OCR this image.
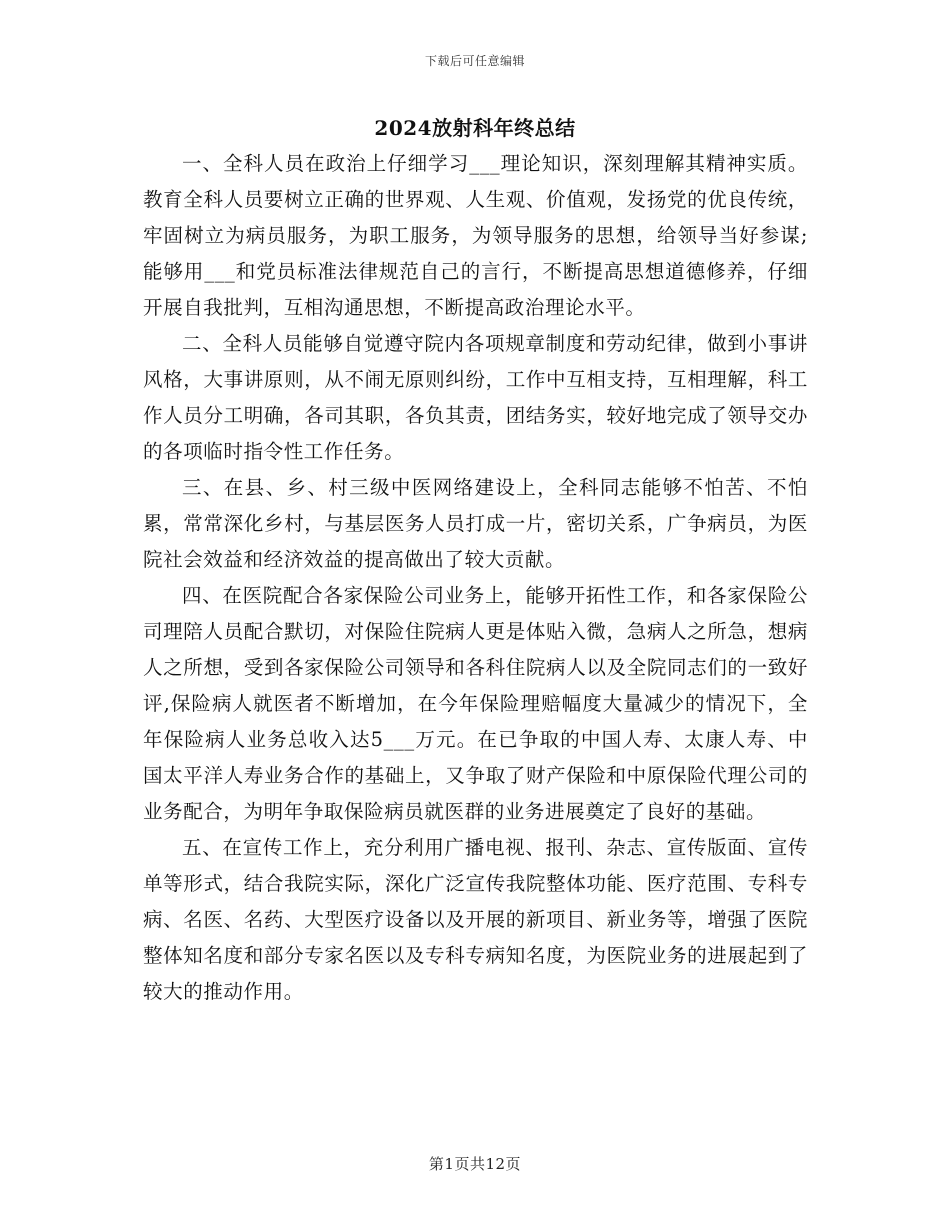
下载后可任意编辑
2024放射科年终总结

一、全科人员在政治上仔细学习___理论知识，深刻理解其精神实质。教育全科人员要树立正确的世界观、人生观、价值观，发扬党的优良传统，牢固树立为病员服务，为职工服务，为领导服务的思想，给领导当好参谋;能够用___和党员标准法律规范自己的言行，不断提高思想道德修养，仔细开展自我批判，互相沟通思想，不断提高政治理论水平。

二、全科人员能够自觉遵守院内各项规章制度和劳动纪律，做到小事讲风格，大事讲原则，从不闹无原则纠纷，工作中互相支持，互相理解，科工作人员分工明确，各司其职，各负其责，团结务实，较好地完成了领导交办的各项临时指令性工作任务。

三、在县、乡、村三级中医网络建设上，全科同志能够不怕苦、不怕累，常常深化乡村，与基层医务人员打成一片，密切关系，广争病员，为医院社会效益和经济效益的提高做出了较大贡献。

四、在医院配合各家保险公司业务上，能够开拓性工作，和各家保险公司理陪人员配合默切，对保险住院病人更是体贴入微，急病人之所急，想病人之所想，受到各家保险公司领导和各科住院病人以及全院同志们的一致好评,保险病人就医者不断增加，在今年保险理赔幅度大量减少的情况下，全年保险病人业务总收入达5___万元。在已争取的中国人寿、太康人寿、中国太平洋人寿业务合作的基础上，又争取了财产保险和中原保险代理公司的业务配合，为明年争取保险病员就医群的业务进展奠定了良好的基础。

五、在宣传工作上，充分利用广播电视、报刊、杂志、宣传版面、宣传单等形式，结合我院实际，深化广泛宣传我院整体功能、医疗范围、专科专病、名医、名药、大型医疗设备以及开展的新项目、新业务等，增强了医院整体知名度和部分专家名医以及专科专病知名度，为医院业务的进展起到了较大的推动作用。

第1页共12页
